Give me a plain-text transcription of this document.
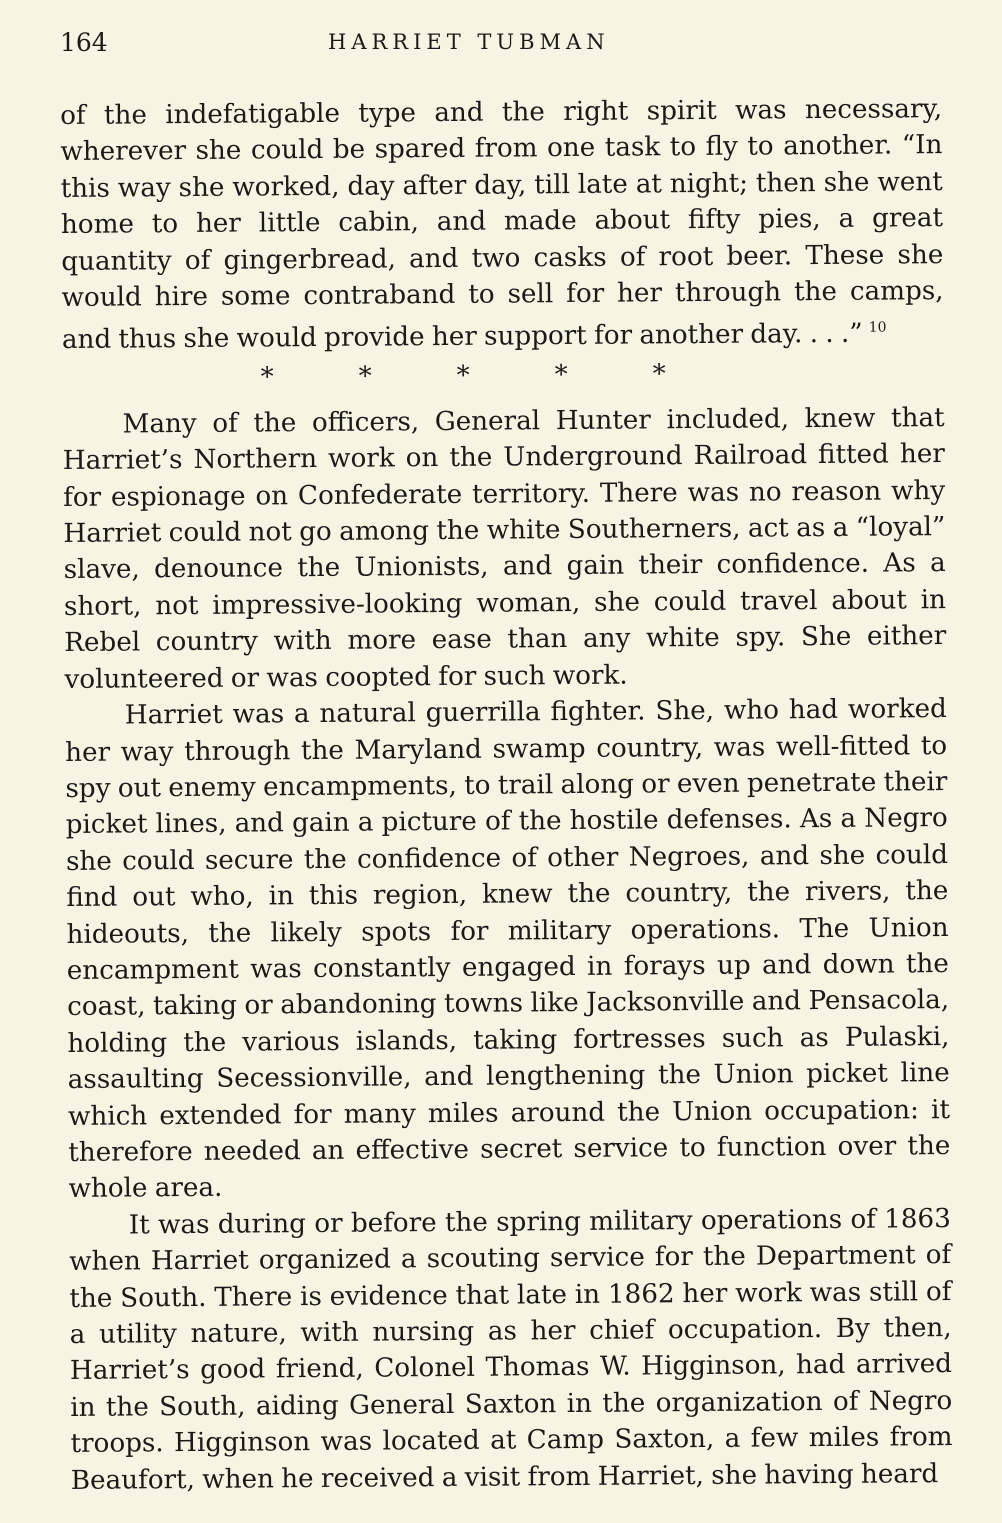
164	HARRIET TUBMAN

of the indefatigable type and the right spirit was necessary, wherever she could be spared from one task to fly to another. “In this way she worked, day after day, till late at night; then she went home to her little cabin, and made about fifty pies, a great quantity of gingerbread, and two casks of root beer. These she would hire some contraband to sell for her through the camps, and thus she would provide her support for another day. . . .” $^{10}$

*	*	*	*	*

Many of the officers, General Hunter included, knew that Harriet’s Northern work on the Underground Railroad fitted her for espionage on Confederate territory. There was no reason why Harriet could not go among the white Southerners, act as a “loyal” slave, denounce the Unionists, and gain their confidence. As a short, not impressive-looking woman, she could travel about in Rebel country with more ease than any white spy. She either volunteered or was coopted for such work.

Harriet was a natural guerrilla fighter. She, who had worked her way through the Maryland swamp country, was well-fitted to spy out enemy encampments, to trail along or even penetrate their picket lines, and gain a picture of the hostile defenses. As a Negro she could secure the confidence of other Negroes, and she could find out who, in this region, knew the country, the rivers, the hideouts, the likely spots for military operations. The Union encampment was constantly engaged in forays up and down the coast, taking or abandoning towns like Jacksonville and Pensacola, holding the various islands, taking fortresses such as Pulaski, assaulting Secessionville, and lengthening the Union picket line which extended for many miles around the Union occupation: it therefore needed an effective secret service to function over the whole area.

It was during or before the spring military operations of 1863 when Harriet organized a scouting service for the Department of the South. There is evidence that late in 1862 her work was still of a utility nature, with nursing as her chief occupation. By then, Harriet’s good friend, Colonel Thomas W. Higginson, had arrived in the South, aiding General Saxton in the organization of Negro troops. Higginson was located at Camp Saxton, a few miles from Beaufort, when he received a visit from Harriet, she having heard
